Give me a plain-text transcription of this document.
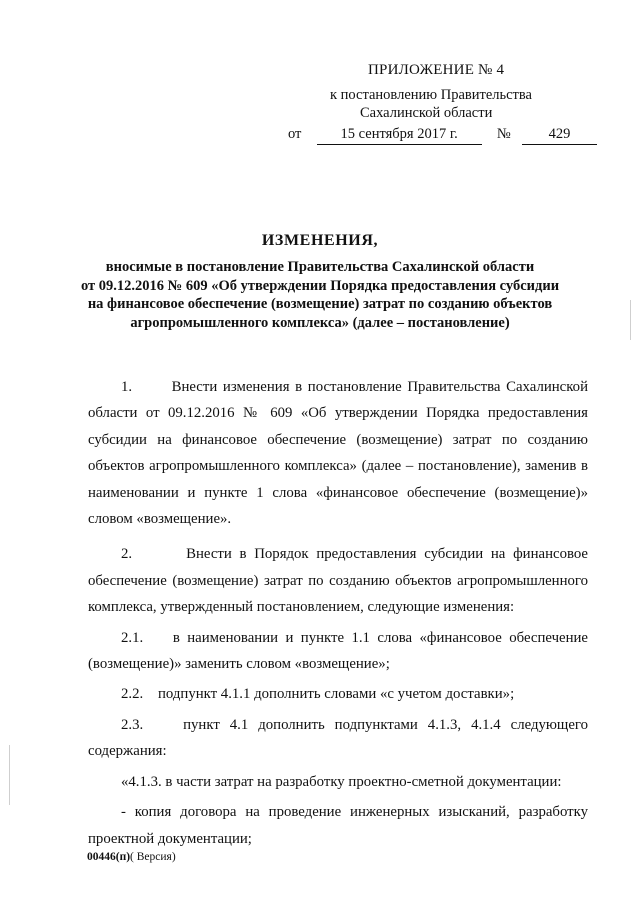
ПРИЛОЖЕНИЕ № 4
к постановлению Правительства
Сахалинской области
от	15 сентября 2017 г.	№	429
ИЗМЕНЕНИЯ,
вносимые в постановление Правительства Сахалинской области
от 09.12.2016 № 609 «Об утверждении Порядка предоставления субсидии
на финансовое обеспечение (возмещение) затрат по созданию объектов
агропромышленного комплекса» (далее – постановление)

1.       Внести изменения в постановление Правительства Сахалинской области от 09.12.2016 № 609 «Об утверждении Порядка предоставления субсидии на финансовое обеспечение (возмещение) затрат по созданию объектов агропромышленного комплекса» (далее – постановление), заменив в наименовании и пункте 1 слова «финансовое обеспечение (возмещение)» словом «возмещение».

2.       Внести в Порядок предоставления субсидии на финансовое обеспечение (возмещение) затрат по созданию объектов агропромышленного комплекса, утвержденный постановлением, следующие изменения:

2.1.    в наименовании и пункте 1.1 слова «финансовое обеспечение (возмещение)» заменить словом «возмещение»;

2.2.    подпункт 4.1.1 дополнить словами «с учетом доставки»;

2.3.    пункт 4.1 дополнить подпунктами 4.1.3, 4.1.4 следующего содержания:

«4.1.3. в части затрат на разработку проектно-сметной документации:

- копия договора на проведение инженерных изысканий, разработку проектной документации;

00446(п)( Версия)
